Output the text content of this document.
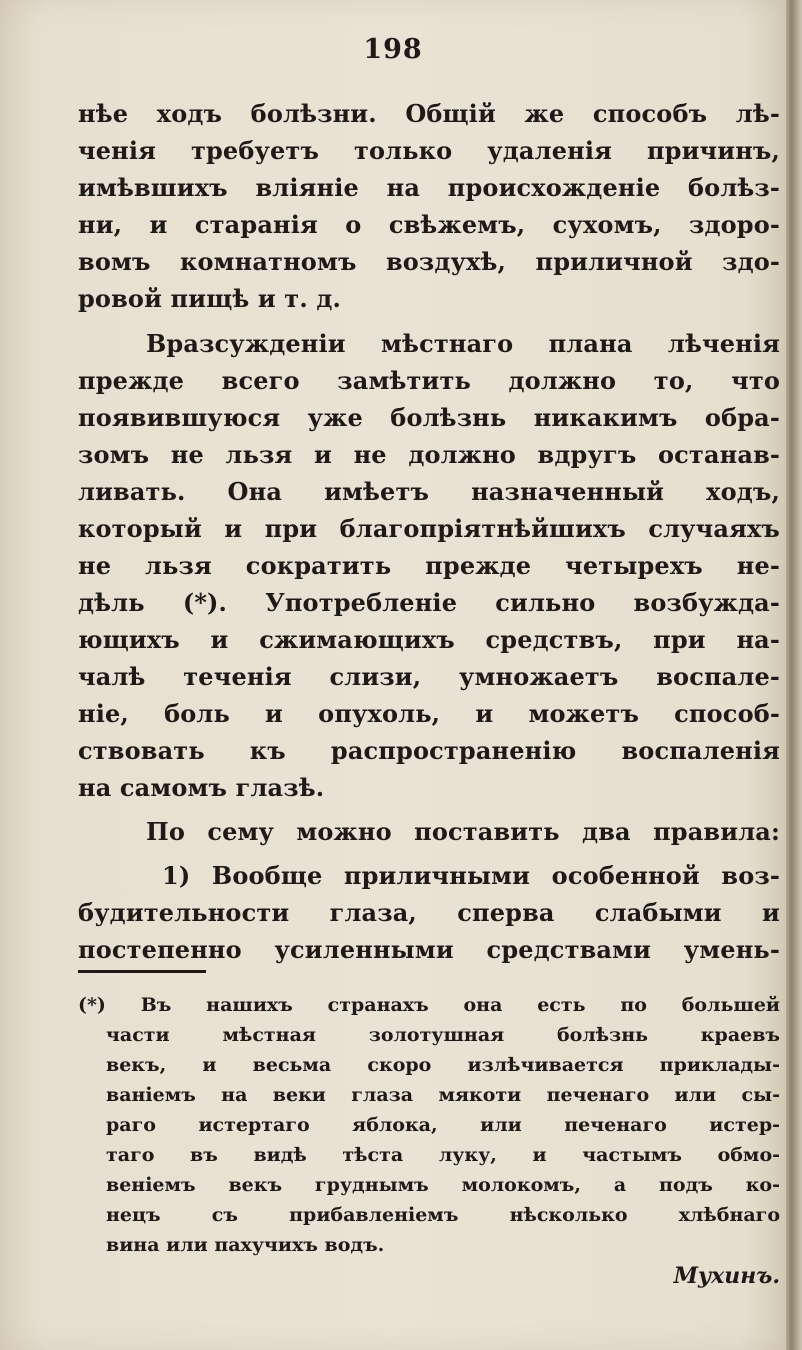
198

нѣе ходъ болѣзни. Общій же способъ лѣ-

ченія требуетъ только удаленія причинъ,

имѣвшихъ вліяніе на происхожденіе болѣз-

ни, и старанія о свѣжемъ, сухомъ, здоро-

вомъ комнатномъ воздухѣ, приличной здо-

ровой пищѣ и т. д.

Вразсужденіи мѣстнаго плана лѣченія

прежде всего замѣтить должно то, что

появившуюся уже болѣзнь никакимъ обра-

зомъ не льзя и не должно вдругъ останав-

ливать. Она имѣетъ назначенный ходъ,

который и при благопріятнѣйшихъ случаяхъ

не льзя сократить прежде четырехъ не-

дѣль (*). Употребленіе сильно возбужда-

ющихъ и сжимающихъ средствъ, при на-

чалѣ теченія слизи, умножаетъ воспале-

ніе, боль и опухоль, и можетъ способ-

ствовать къ распространенію воспаленія

на самомъ глазѣ.

По сему можно поставить два правила:

1) Вообще приличными особенной воз-

будительности глаза, сперва слабыми и

постепенно усиленными средствами умень-

(*) Въ нашихъ странахъ она есть по большей

части мѣстная золотушная болѣзнь краевъ

векъ, и весьма скоро излѣчивается приклады-

ваніемъ на веки глаза мякоти печенаго или сы-

раго истертаго яблока, или печенаго истер-

таго въ видѣ тѣста луку, и частымъ обмо-

веніемъ векъ груднымъ молокомъ, а подъ ко-

нецъ съ прибавленіемъ нѣсколько хлѣбнаго

вина или пахучихъ водъ.

Мухинъ.
